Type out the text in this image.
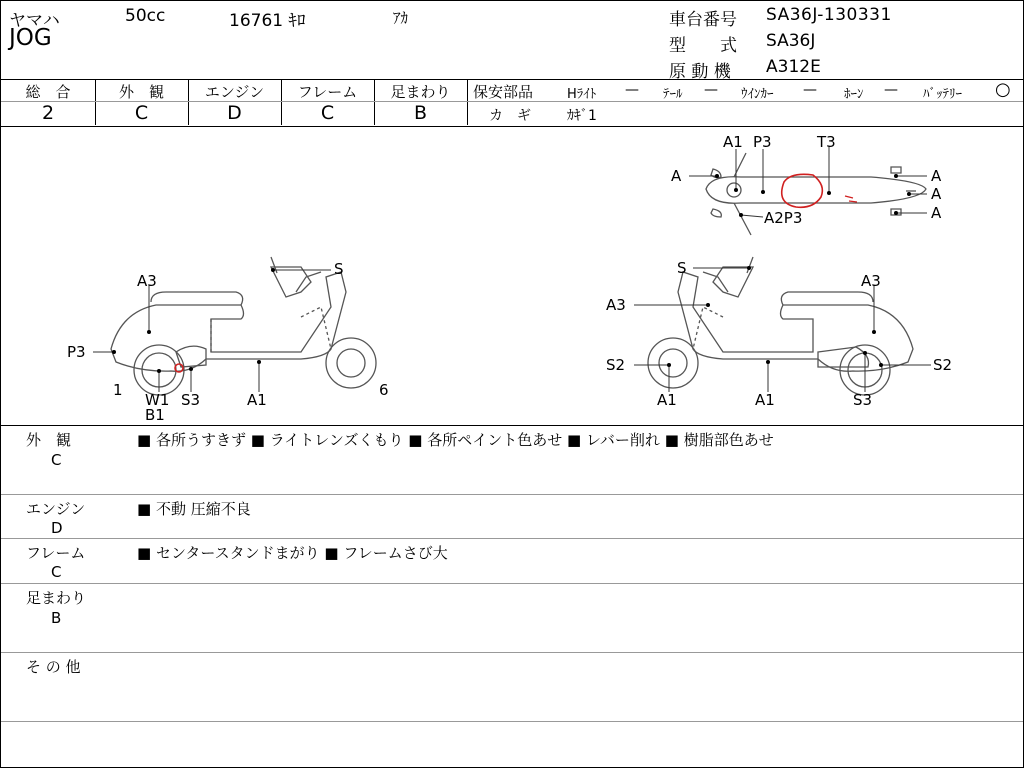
ヤマハ	50cc	16761 ｷﾛ	ｱｶ
JOG
車台番号 SA36J-130331
型　　式 SA36J
原 動 機 A312E
総　合
2
外　観
C
エンジン
D
フレーム
C
足まわり
B
保安部品	Hﾗｲﾄ — ﾃｰﾙ — ｳｲﾝｶｰ — ﾎｰﾝ — ﾊﾞｯﾃﾘｰ ○
カ　ギ	ｶｷﾞ1
A1 P3	T3
A	A
A
A
A2P3
S
A3
P3
1
W1
B1
S3	A1
6
S
A3
A3
S2	S2
A1	A1	S3
外　観
C
■ 各所うすきず ■ ライトレンズくもり ■ 各所ペイント色あせ ■ レバー削れ ■ 樹脂部色あせ
エンジン
D
■ 不動 圧縮不良
フレーム
C
■ センタースタンドまがり ■ フレームさび大
足まわり
B
そ の 他
